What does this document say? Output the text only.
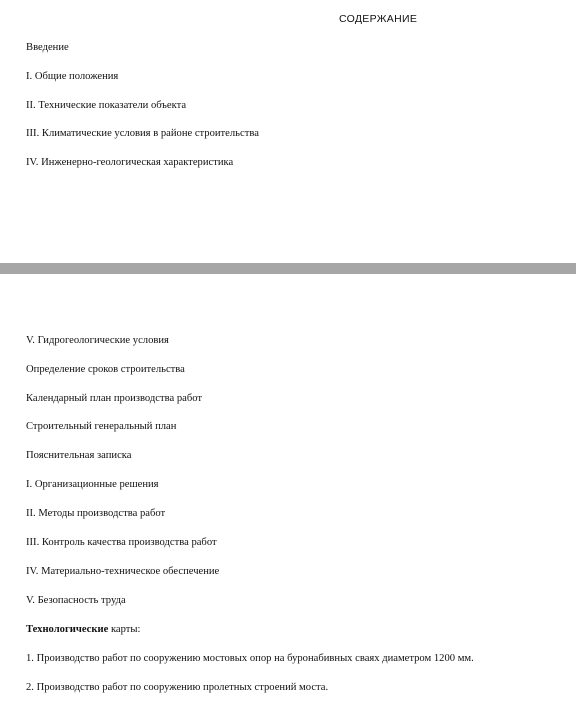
СОДЕРЖАНИЕ
Введение
I. Общие положения
II. Технические показатели объекта
III. Климатические условия в районе строительства
IV. Инженерно-геологическая характеристика
V. Гидрогеологические условия
Определение сроков строительства
Календарный план производства работ
Строительный генеральный план
Пояснительная записка
I. Организационные решения
II. Методы производства работ
III. Контроль качества производства работ
IV. Материально-техническое обеспечение
V. Безопасность труда
Технологические карты:
1. Производство работ по сооружению мостовых опор на буронабивных сваях диаметром 1200 мм.
2. Производство работ по сооружению пролетных строений моста.
